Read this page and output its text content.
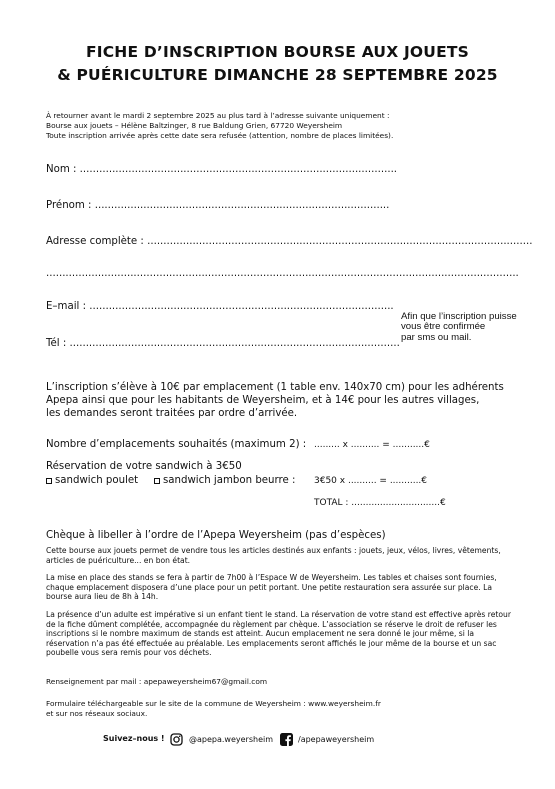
FICHE D’INSCRIPTION BOURSE AUX JOUETS
& PUÉRICULTURE DIMANCHE 28 SEPTEMBRE 2025
À retourner avant le mardi 2 septembre 2025 au plus tard à l’adresse suivante uniquement :
Bourse aux jouets – Hélène Baltzinger, 8 rue Baldung Grien, 67720 Weyersheim
Toute inscription arrivée après cette date sera refusée (attention, nombre de places limitées).
Nom : ..................................................................................................
Prénom : ...........................................................................................
Adresse complète : .......................................................................................................................
..................................................................................................................................................
E–mail : ..............................................................................................
Tél : ......................................................................................................
Afin que l’inscription puisse
vous être confirmée
par sms ou mail.
L’inscription s’élève à 10€ par emplacement (1 table env. 140x70 cm) pour les adhérents
Apepa ainsi que pour les habitants de Weyersheim, et à 14€ pour les autres villages,
les demandes seront traitées par ordre d’arrivée.
Nombre d’emplacements souhaités (maximum 2) : ......... x .......... = ...........€
Réservation de votre sandwich à 3€50
sandwich poulet	sandwich jambon beurre : 3€50 x .......... = ...........€
TOTAL : ...............................€
Chèque à libeller à l’ordre de l’Apepa Weyersheim (pas d’espèces)
Cette bourse aux jouets permet de vendre tous les articles destinés aux enfants : jouets, jeux, vélos, livres, vêtements, articles de puériculture... en bon état.
La mise en place des stands se fera à partir de 7h00 à l’Espace W de Weyersheim. Les tables et chaises sont fournies, chaque emplacement disposera d’une place pour un petit portant. Une petite restauration sera assurée sur place. La bourse aura lieu de 8h à 14h.
La présence d’un adulte est impérative si un enfant tient le stand. La réservation de votre stand est effective après retour de la fiche dûment complétée, accompagnée du règlement par chèque. L’association se réserve le droit de refuser les inscriptions si le nombre maximum de stands est atteint. Aucun emplacement ne sera donné le jour même, si la réservation n’a pas été effectuée au préalable. Les emplacements seront affichés le jour même de la bourse et un sac poubelle vous sera remis pour vos déchets.
Renseignement par mail : apepaweyersheim67@gmail.com
Formulaire téléchargeable sur le site de la commune de Weyersheim : www.weyersheim.fr
et sur nos réseaux sociaux.
Suivez–nous !	@apepa.weyersheim	/apepaweyersheim
